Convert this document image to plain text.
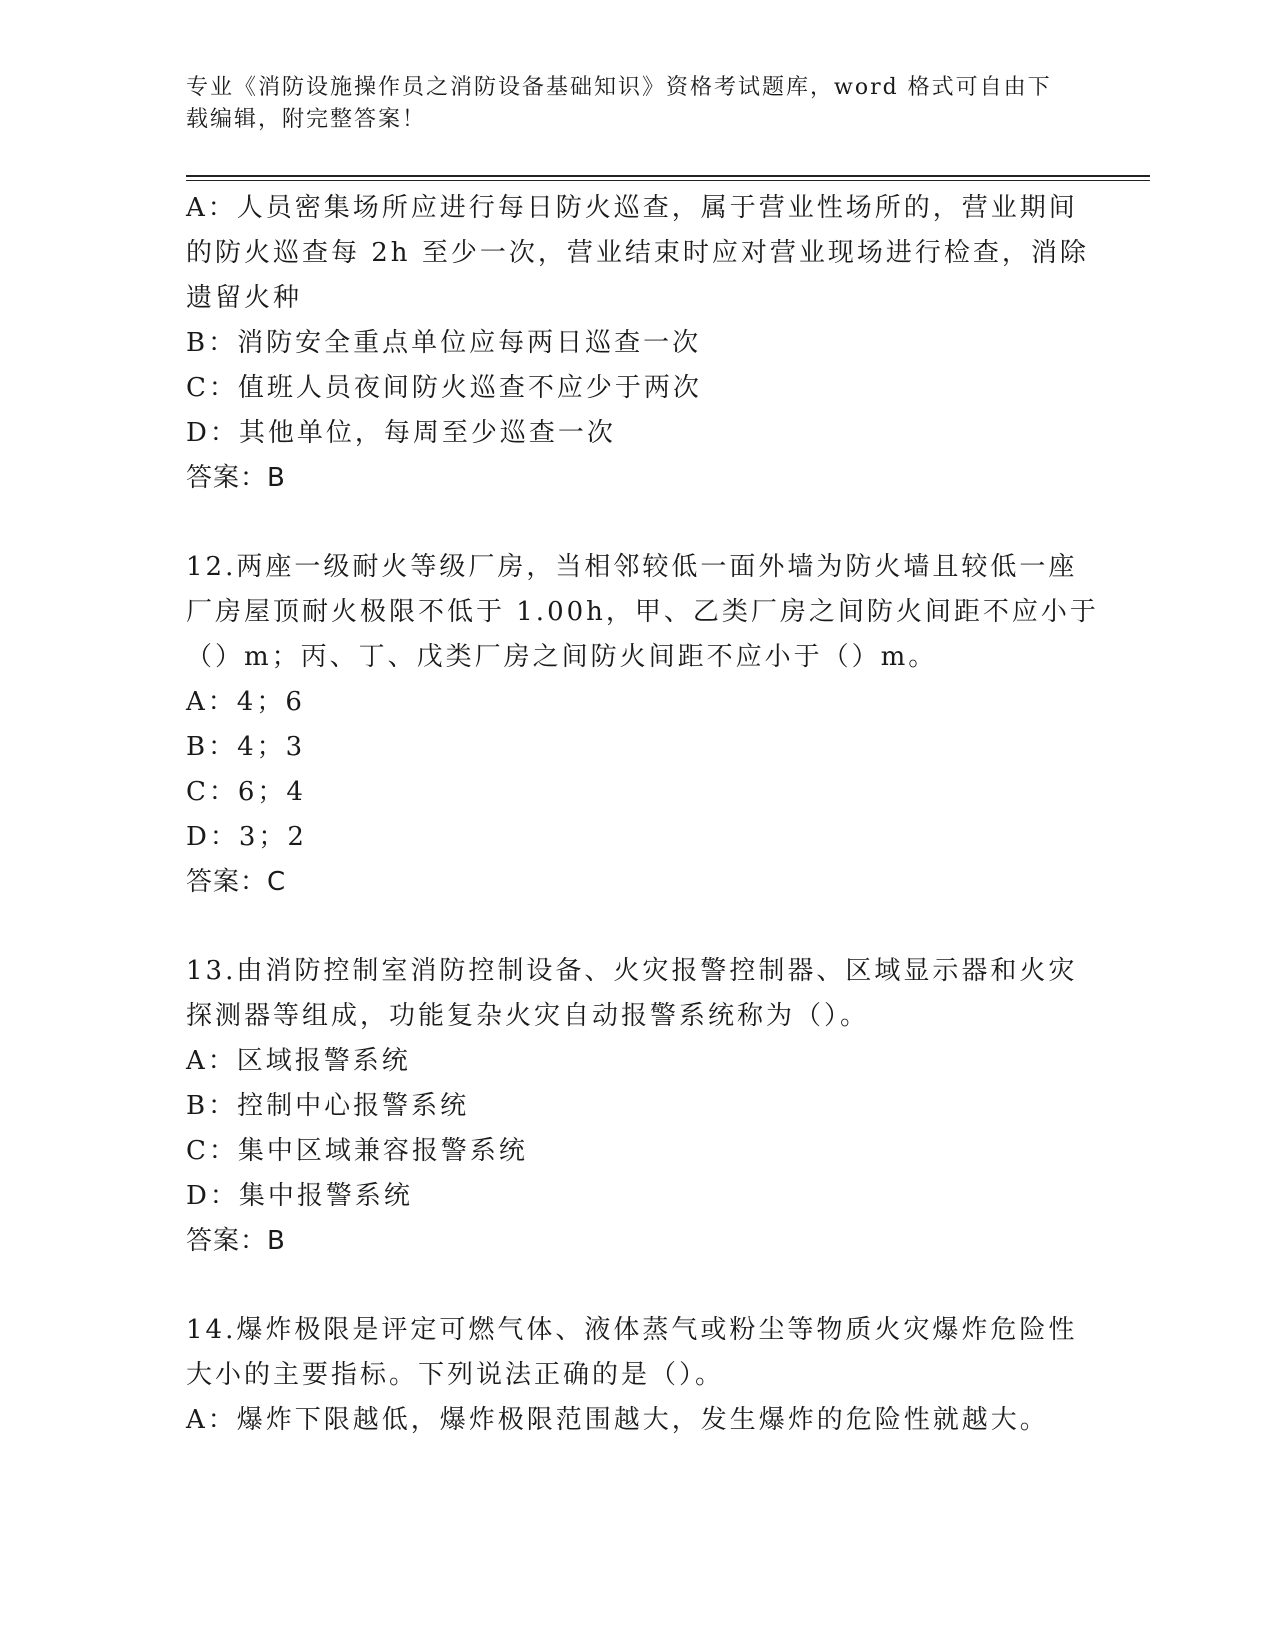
专业《消防设施操作员之消防设备基础知识》资格考试题库，word 格式可自由下
载编辑，附完整答案！
A：人员密集场所应进行每日防火巡查，属于营业性场所的，营业期间
的防火巡查每 2h 至少一次，营业结束时应对营业现场进行检查，消除
遗留火种
B：消防安全重点单位应每两日巡查一次
C：值班人员夜间防火巡查不应少于两次
D：其他单位，每周至少巡查一次
答案：B
12.两座一级耐火等级厂房，当相邻较低一面外墙为防火墙且较低一座
厂房屋顶耐火极限不低于 1.00h，甲、乙类厂房之间防火间距不应小于
（）m；丙、丁、戊类厂房之间防火间距不应小于（）m。
A：4；6
B：4；3
C：6；4
D：3；2
答案：C
13.由消防控制室消防控制设备、火灾报警控制器、区域显示器和火灾
探测器等组成，功能复杂火灾自动报警系统称为（）。
A：区域报警系统
B：控制中心报警系统
C：集中区域兼容报警系统
D：集中报警系统
答案：B
14.爆炸极限是评定可燃气体、液体蒸气或粉尘等物质火灾爆炸危险性
大小的主要指标。下列说法正确的是（）。
A：爆炸下限越低，爆炸极限范围越大，发生爆炸的危险性就越大。
